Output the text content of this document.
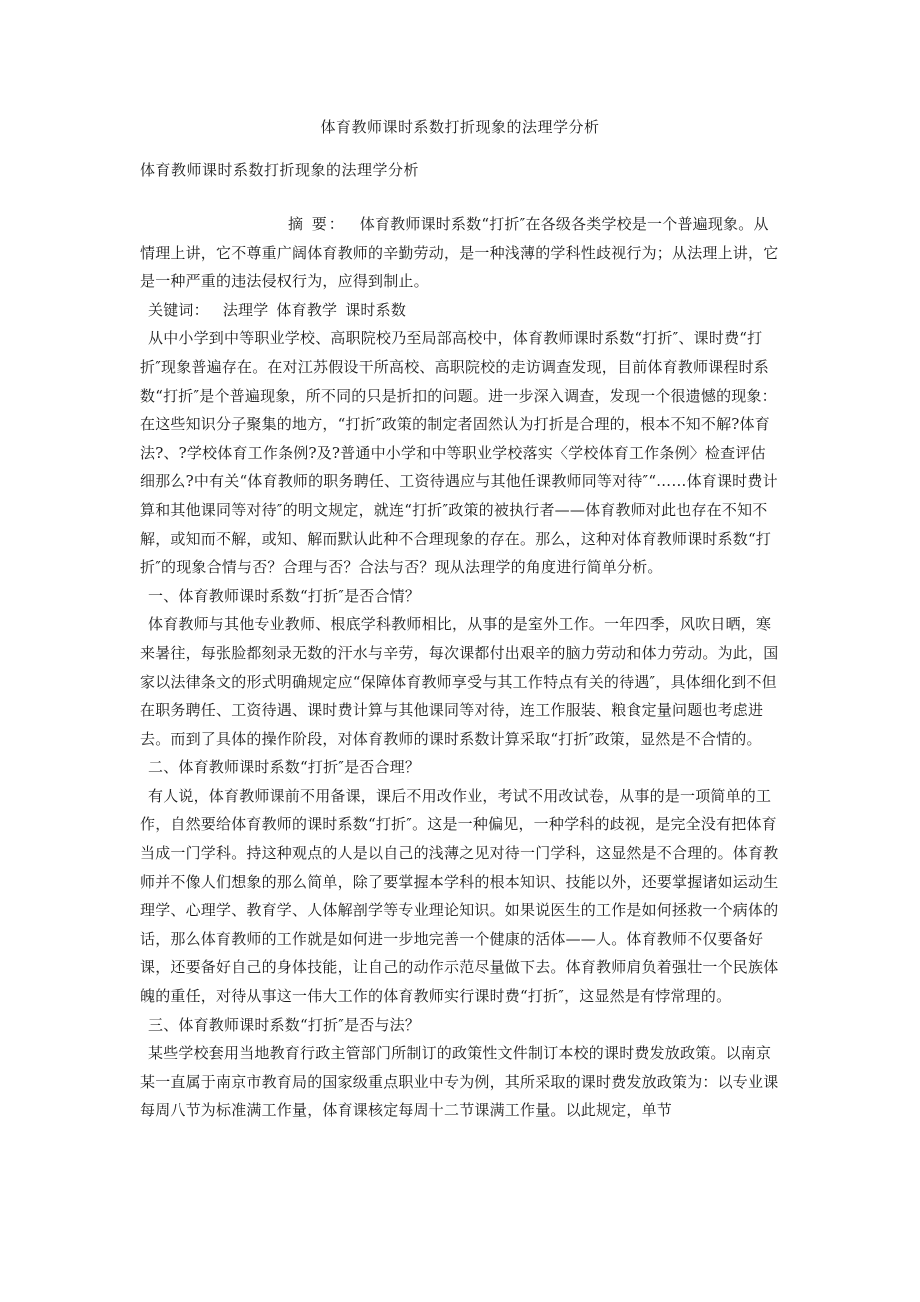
体育教师课时系数打折现象的法理学分析
体育教师课时系数打折现象的法理学分析

摘 要： 体育教师课时系数“打折″在各级各类学校是一个普遍现象。从情理上讲，它不尊重广阔体育教师的辛勤劳动，是一种浅薄的学科性歧视行为；从法理上讲，它是一种严重的违法侵权行为，应得到制止。

关键词： 法理学 体育教学 课时系数

从中小学到中等职业学校、高职院校乃至局部高校中，体育教师课时系数“打折″、课时费“打折″现象普遍存在。在对江苏假设干所高校、高职院校的走访调查发现，目前体育教师课程时系数“打折″是个普遍现象，所不同的只是折扣的问题。进一步深入调查，发现一个很遗憾的现象：在这些知识分子聚集的地方，“打折″政策的制定者固然认为打折是合理的，根本不知不解?体育法?、?学校体育工作条例?及?普通中小学和中等职业学校落实〈学校体育工作条例〉检查评估细那么?中有关“体育教师的职务聘任、工资待遇应与其他任课教师同等对待″“……体育课时费计算和其他课同等对待″的明文规定，就连“打折″政策的被执行者——体育教师对此也存在不知不解，或知而不解，或知、解而默认此种不合理现象的存在。那么，这种对体育教师课时系数“打折″的现象合情与否？合理与否？合法与否？现从法理学的角度进行简单分析。

一、体育教师课时系数“打折″是否合情？

体育教师与其他专业教师、根底学科教师相比，从事的是室外工作。一年四季，风吹日晒，寒来暑往，每张脸都刻录无数的汗水与辛劳，每次课都付出艰辛的脑力劳动和体力劳动。为此，国家以法律条文的形式明确规定应“保障体育教师享受与其工作特点有关的待遇″，具体细化到不但在职务聘任、工资待遇、课时费计算与其他课同等对待，连工作服装、粮食定量问题也考虑进去。而到了具体的操作阶段，对体育教师的课时系数计算采取“打折″政策，显然是不合情的。

二、体育教师课时系数“打折″是否合理？

有人说，体育教师课前不用备课，课后不用改作业，考试不用改试卷，从事的是一项简单的工作，自然要给体育教师的课时系数“打折″。这是一种偏见，一种学科的歧视，是完全没有把体育当成一门学科。持这种观点的人是以自己的浅薄之见对待一门学科，这显然是不合理的。体育教师并不像人们想象的那么简单，除了要掌握本学科的根本知识、技能以外，还要掌握诸如运动生理学、心理学、教育学、人体解剖学等专业理论知识。如果说医生的工作是如何拯救一个病体的话，那么体育教师的工作就是如何进一步地完善一个健康的活体——人。体育教师不仅要备好课，还要备好自己的身体技能，让自己的动作示范尽量做下去。体育教师肩负着强壮一个民族体魄的重任，对待从事这一伟大工作的体育教师实行课时费“打折″，这显然是有悖常理的。

三、体育教师课时系数“打折″是否与法？

某些学校套用当地教育行政主管部门所制订的政策性文件制订本校的课时费发放政策。以南京某一直属于南京市教育局的国家级重点职业中专为例，其所采取的课时费发放政策为：以专业课每周八节为标准满工作量，体育课核定每周十二节课满工作量。以此规定，单节
